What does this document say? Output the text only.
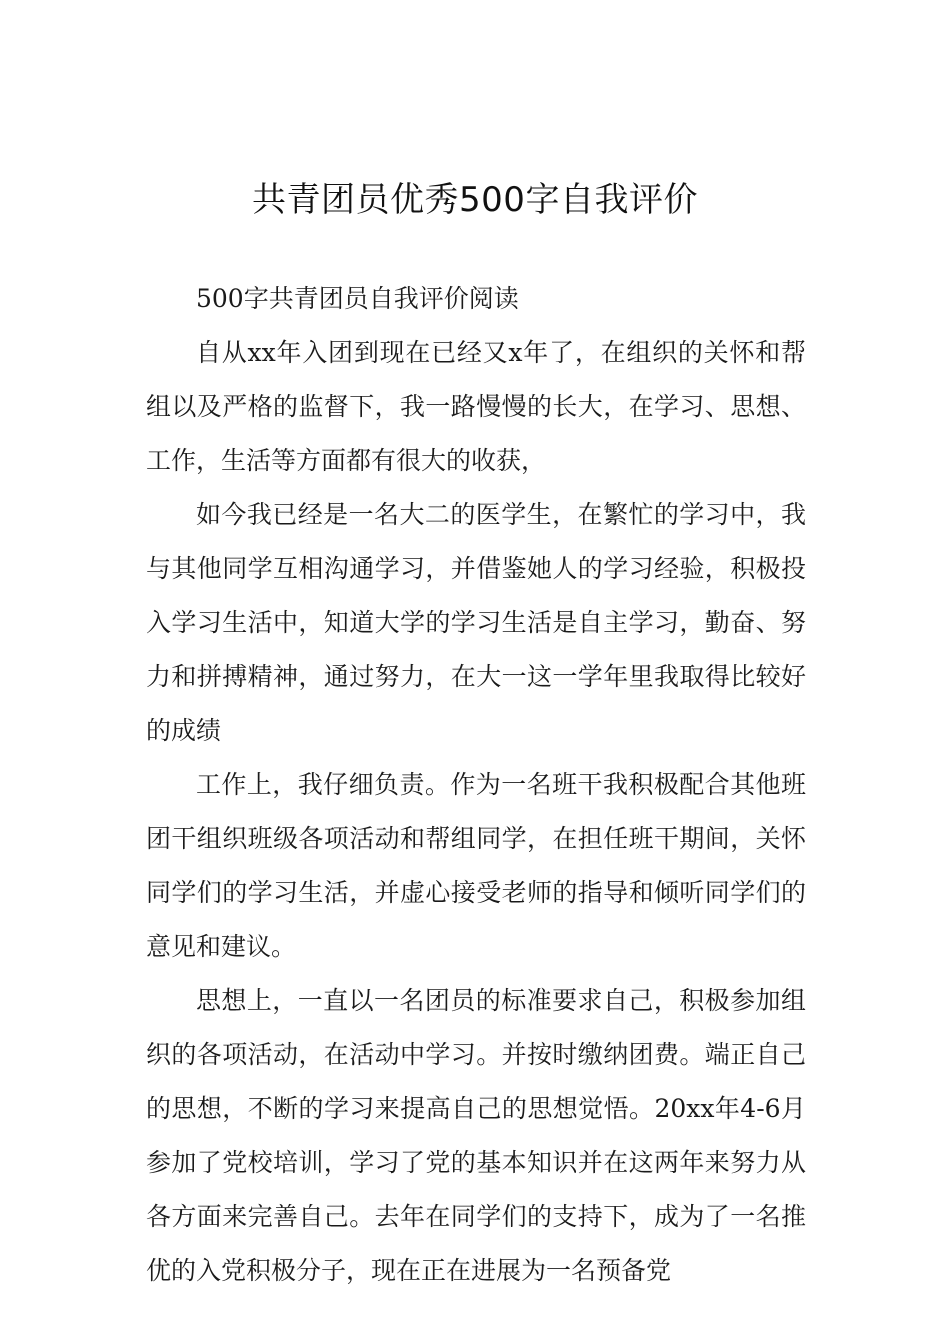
共青团员优秀500字自我评价

500字共青团员自我评价阅读

自从xx年入团到现在已经又x年了，在组织的关怀和帮组以及严格的监督下，我一路慢慢的长大，在学习、思想、工作，生活等方面都有很大的收获，

如今我已经是一名大二的医学生，在繁忙的学习中，我与其他同学互相沟通学习，并借鉴她人的学习经验，积极投入学习生活中，知道大学的学习生活是自主学习，勤奋、努力和拼搏精神，通过努力，在大一这一学年里我取得比较好的成绩

工作上，我仔细负责。作为一名班干我积极配合其他班团干组织班级各项活动和帮组同学，在担任班干期间，关怀同学们的学习生活，并虚心接受老师的指导和倾听同学们的意见和建议。

思想上，一直以一名团员的标准要求自己，积极参加组织的各项活动，在活动中学习。并按时缴纳团费。端正自己的思想，不断的学习来提高自己的思想觉悟。20xx年4-6月参加了党校培训，学习了党的基本知识并在这两年来努力从各方面来完善自己。去年在同学们的支持下，成为了一名推优的入党积极分子，现在正在进展为一名预备党
